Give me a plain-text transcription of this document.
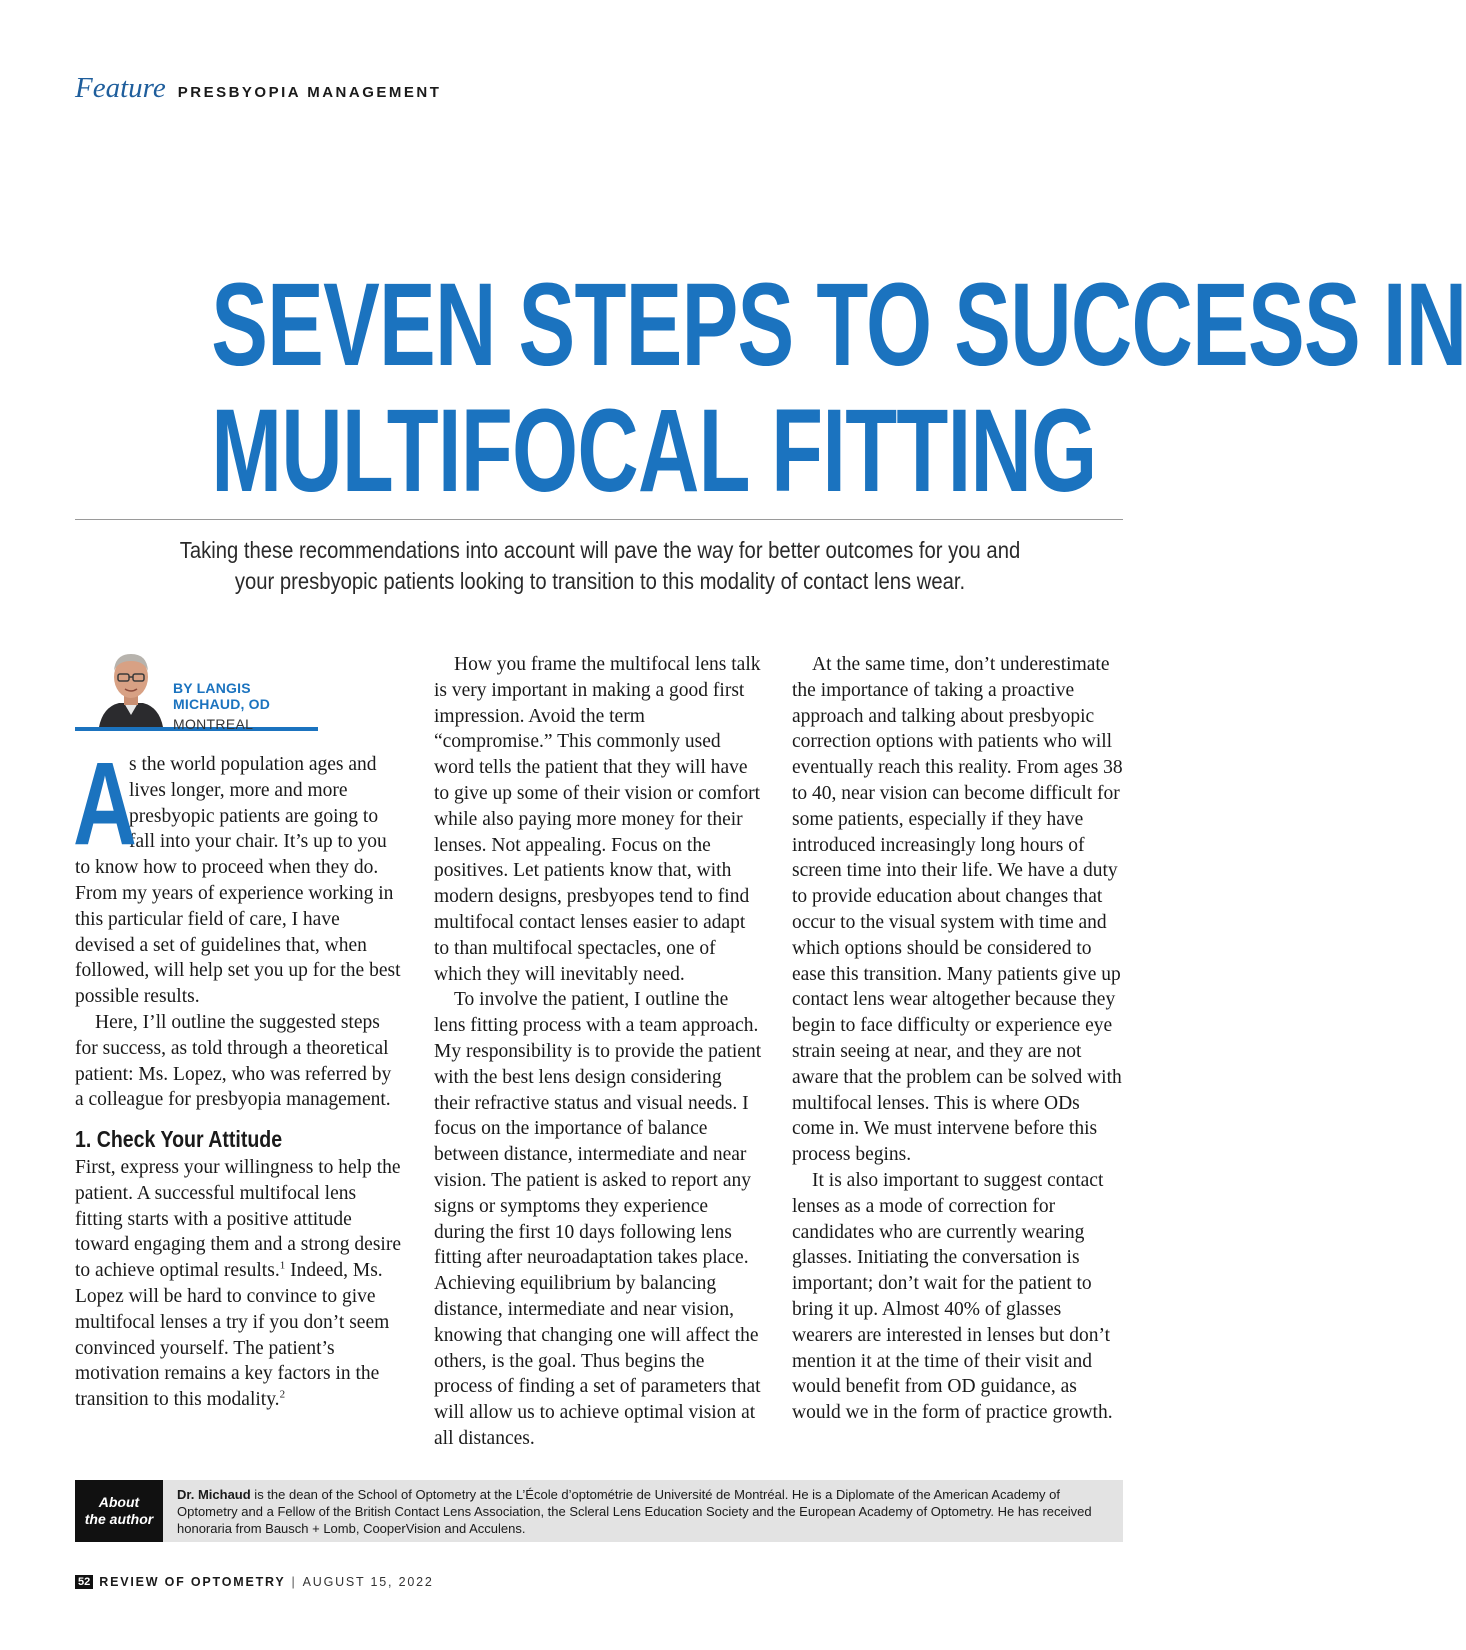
Feature PRESBYOPIA MANAGEMENT
SEVEN STEPS TO SUCCESS IN
MULTIFOCAL FITTING

Taking these recommendations into account will pave the way for better outcomes for you and your presbyopic patients looking to transition to this modality of contact lens wear.

BY LANGIS MICHAUD, OD
MONTREAL

A
s the world population ages and lives longer, more and more presbyopic patients are going to fall into your chair. It’s up to you to know how to proceed when they do. From my years of experience working in this particular field of care, I have devised a set of guidelines that, when followed, will help set you up for the best possible results.

Here, I’ll outline the suggested steps for success, as told through a theoretical patient: Ms. Lopez, who was referred by a colleague for presbyopia management.

1. Check Your Attitude

First, express your willingness to help the patient. A successful multifocal lens fitting starts with a positive attitude toward engaging them and a strong desire to achieve optimal results.$^1$ Indeed, Ms. Lopez will be hard to convince to give multifocal lenses a try if you don’t seem convinced yourself. The patient’s motivation remains a key factors in the transition to this modality.$^2$

How you frame the multifocal lens talk is very important in making a good first impression. Avoid the term “compromise.” This commonly used word tells the patient that they will have to give up some of their vision or comfort while also paying more money for their lenses. Not appealing. Focus on the positives. Let patients know that, with modern designs, presbyopes tend to find multifocal contact lenses easier to adapt to than multifocal spectacles, one of which they will inevitably need.

To involve the patient, I outline the lens fitting process with a team approach. My responsibility is to provide the patient with the best lens design considering their refractive status and visual needs. I focus on the importance of balance between distance, intermediate and near vision. The patient is asked to report any signs or symptoms they experience during the first 10 days following lens fitting after neuroadaptation takes place. Achieving equilibrium by balancing distance, intermediate and near vision, knowing that changing one will affect the others, is the goal. Thus begins the process of finding a set of parameters that will allow us to achieve optimal vision at all distances.

At the same time, don’t underestimate the importance of taking a proactive approach and talking about presbyopic correction options with patients who will eventually reach this reality. From ages 38 to 40, near vision can become difficult for some patients, especially if they have introduced increasingly long hours of screen time into their life. We have a duty to provide education about changes that occur to the visual system with time and which options should be considered to ease this transition. Many patients give up contact lens wear altogether because they begin to face difficulty or experience eye strain seeing at near, and they are not aware that the problem can be solved with multifocal lenses. This is where ODs come in. We must intervene before this process begins.

It is also important to suggest contact lenses as a mode of correction for candidates who are currently wearing glasses. Initiating the conversation is important; don’t wait for the patient to bring it up. Almost 40% of glasses wearers are interested in lenses but don’t mention it at the time of their visit and would benefit from OD guidance, as would we in the form of practice growth.

About
the author
Dr. Michaud is the dean of the School of Optometry at the L’École d’optométrie de Université de Montréal. He is a Diplomate of the American Academy of Optometry and a Fellow of the British Contact Lens Association, the Scleral Lens Education Society and the European Academy of Optometry. He has received honoraria from Bausch + Lomb, CooperVision and Acculens.
52 REVIEW OF OPTOMETRY | AUGUST 15, 2022
